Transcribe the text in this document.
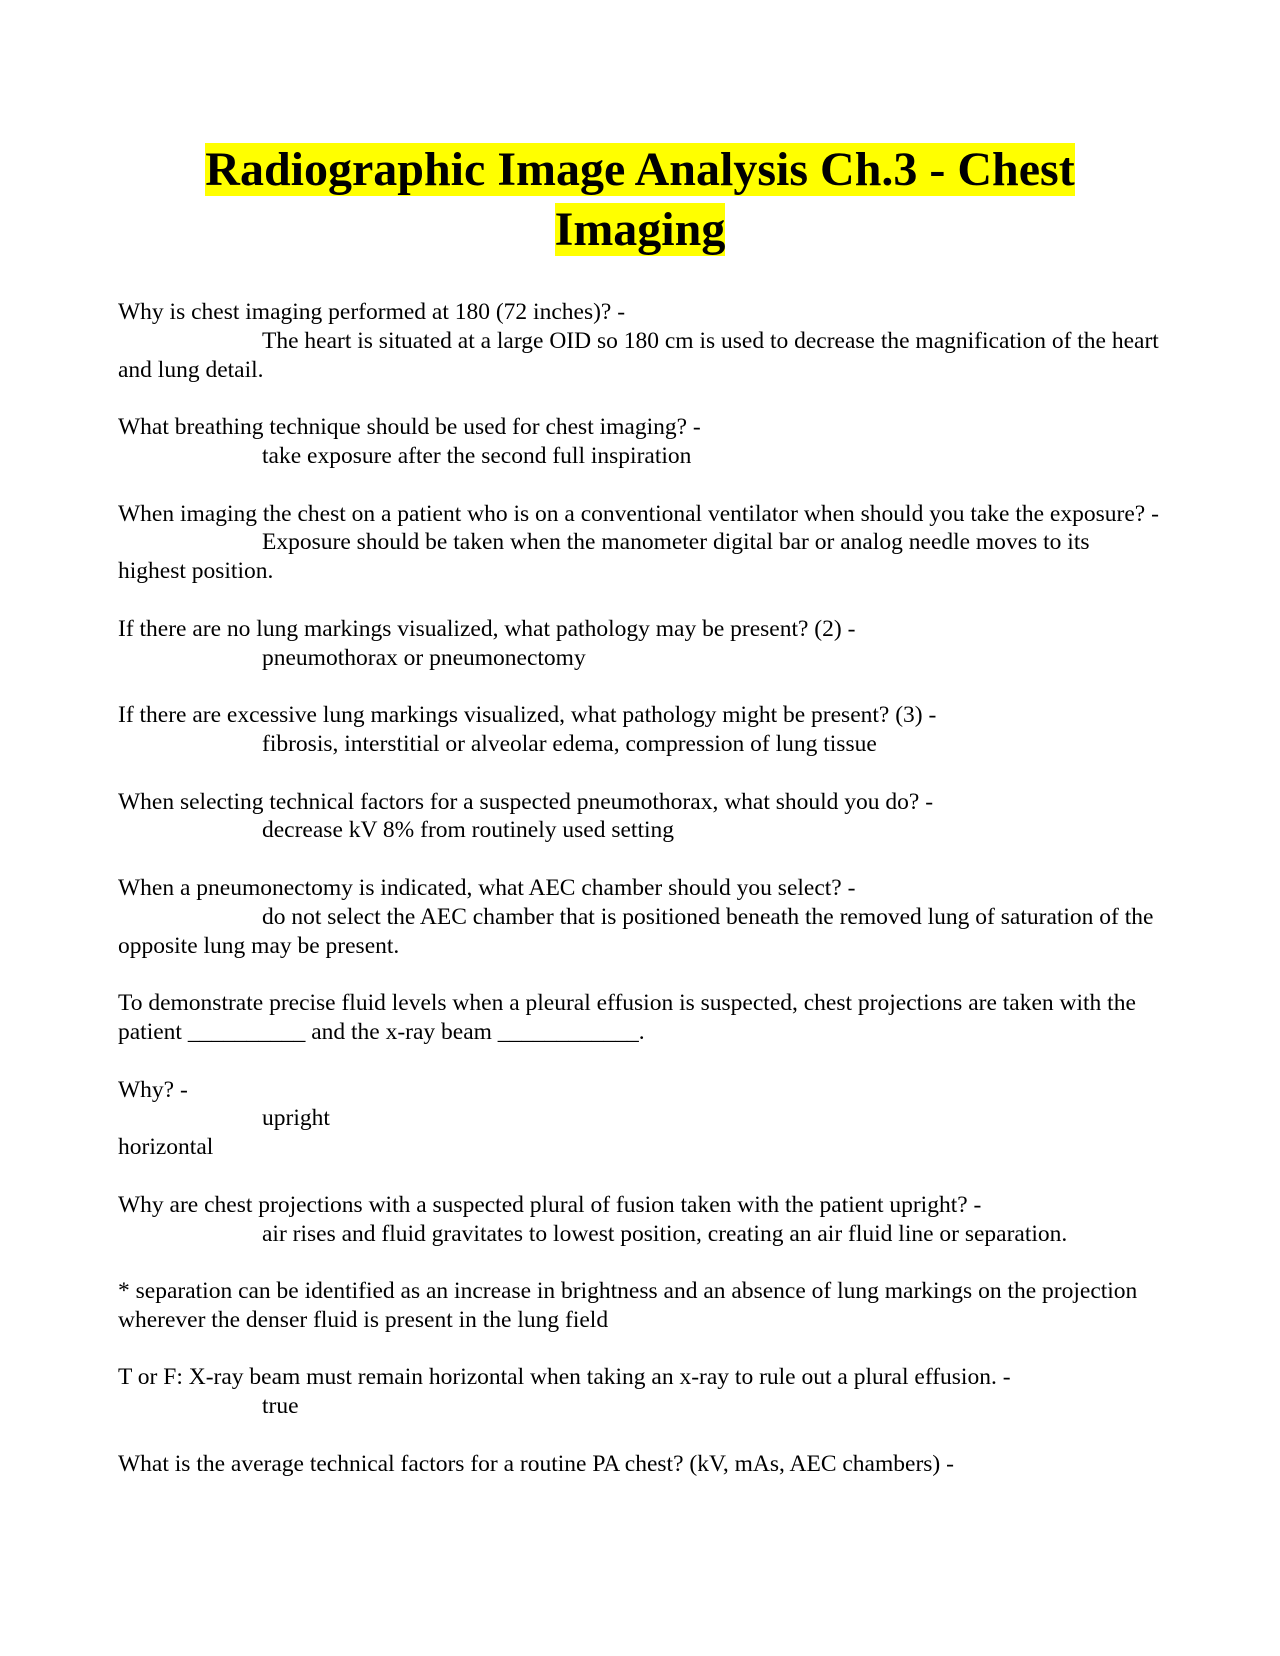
Radiographic Image Analysis Ch.3 - Chest Imaging

Why is chest imaging performed at 180 (72 inches)? -

The heart is situated at a large OID so 180 cm is used to decrease the magnification of the heart and lung detail.

What breathing technique should be used for chest imaging? -

take exposure after the second full inspiration

When imaging the chest on a patient who is on a conventional ventilator when should you take the exposure? -

Exposure should be taken when the manometer digital bar or analog needle moves to its highest position.

If there are no lung markings visualized, what pathology may be present? (2) -

pneumothorax or pneumonectomy

If there are excessive lung markings visualized, what pathology might be present? (3) -

fibrosis, interstitial or alveolar edema, compression of lung tissue

When selecting technical factors for a suspected pneumothorax, what should you do? -

decrease kV 8% from routinely used setting

When a pneumonectomy is indicated, what AEC chamber should you select? -

do not select the AEC chamber that is positioned beneath the removed lung of saturation of the opposite lung may be present.

To demonstrate precise fluid levels when a pleural effusion is suspected, chest projections are taken with the patient __________ and the x-ray beam ____________.

Why? -

upright

horizontal

Why are chest projections with a suspected plural of fusion taken with the patient upright? -

air rises and fluid gravitates to lowest position, creating an air fluid line or separation.

* separation can be identified as an increase in brightness and an absence of lung markings on the projection wherever the denser fluid is present in the lung field

T or F: X-ray beam must remain horizontal when taking an x-ray to rule out a plural effusion. -

true

What is the average technical factors for a routine PA chest? (kV, mAs, AEC chambers) -
